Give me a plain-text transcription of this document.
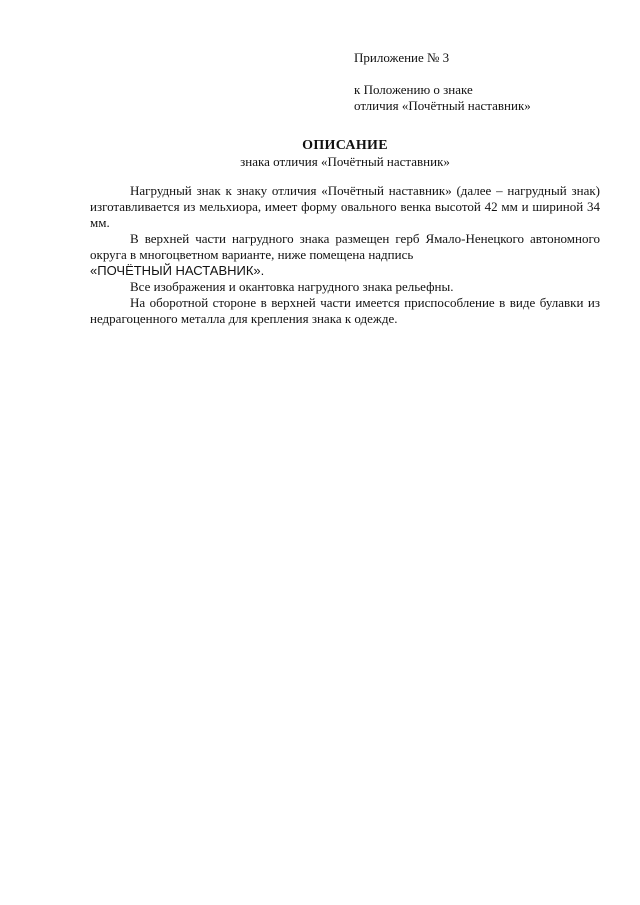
Приложение № 3
к Положению о знаке
отличия «Почётный наставник»
ОПИСАНИЕ
знака отличия «Почётный наставник»

Нагрудный знак к знаку отличия «Почётный наставник» (далее – нагрудный знак) изготавливается из мельхиора, имеет форму овального венка высотой 42 мм и шириной 34 мм.

В верхней части нагрудного знака размещен герб Ямало-Ненецкого автономного округа в многоцветном варианте, ниже помещена надпись
«ПОЧЁТНЫЙ НАСТАВНИК».

Все изображения и окантовка нагрудного знака рельефны.

На оборотной стороне в верхней части имеется приспособление в виде булавки из недрагоценного металла для крепления знака к одежде.
